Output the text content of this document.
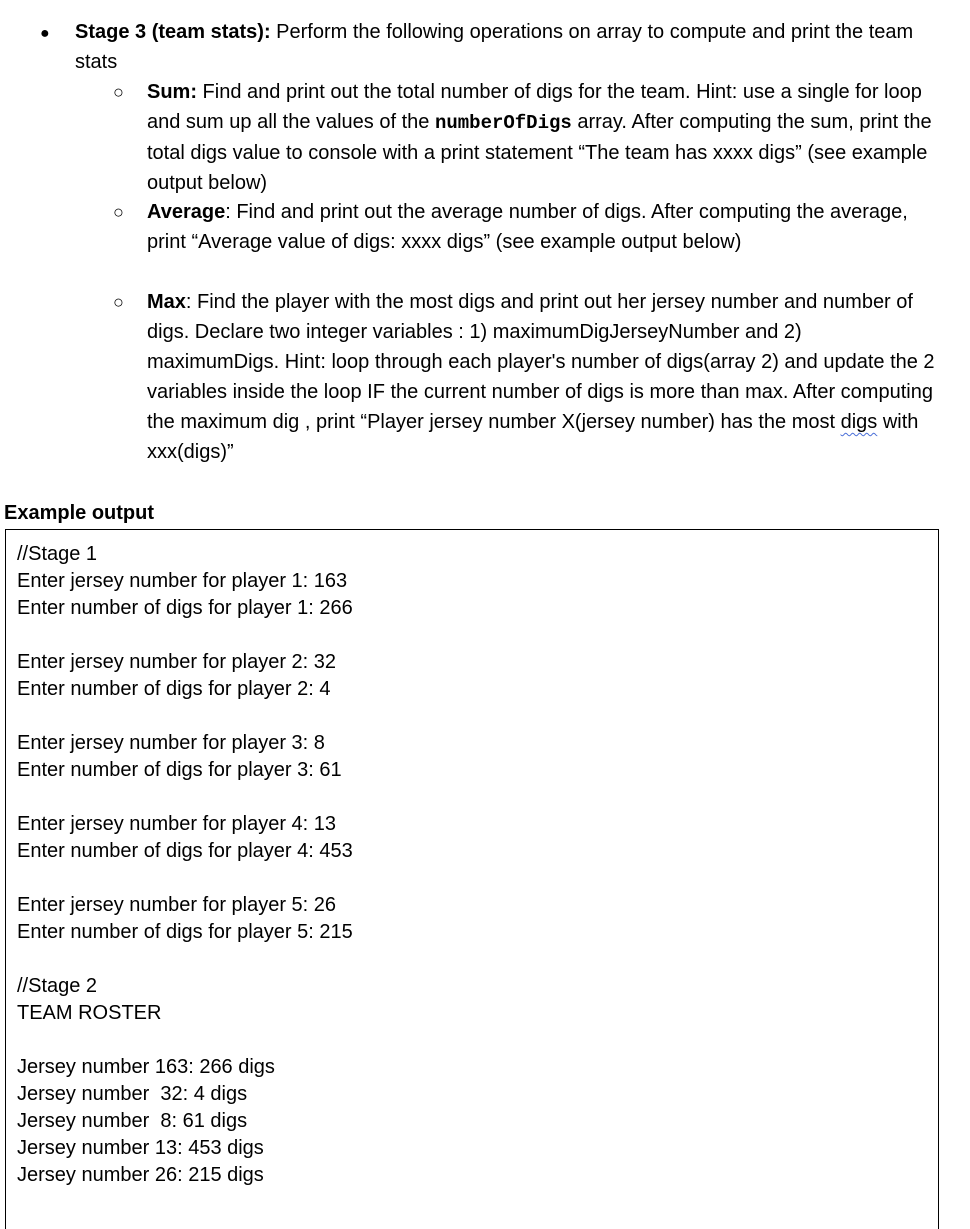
● Stage 3 (team stats): Perform the following operations on array to compute and print the team stats
○ Sum: Find and print out the total number of digs for the team. Hint: use a single for loop and sum up all the values of the numberOfDigs array. After computing the sum, print the total digs value to console with a print statement “The team has xxxx digs” (see example output below)
○ Average: Find and print out the average number of digs. After computing the average, print “Average value of digs: xxxx digs” (see example output below)
○ Max: Find the player with the most digs and print out her jersey number and number of digs. Declare two integer variables : 1) maximumDigJerseyNumber and 2) maximumDigs. Hint: loop through each player's number of digs(array 2) and update the 2 variables inside the loop IF the current number of digs is more than max. After computing the maximum dig , print “Player jersey number X(jersey number) has the most digs with xxx(digs)”
Example output
//Stage 1
Enter jersey number for player 1: 163
Enter number of digs for player 1: 266
Enter jersey number for player 2: 32
Enter number of digs for player 2: 4
Enter jersey number for player 3: 8
Enter number of digs for player 3: 61
Enter jersey number for player 4: 13
Enter number of digs for player 4: 453
Enter jersey number for player 5: 26
Enter number of digs for player 5: 215
//Stage 2
TEAM ROSTER
Jersey number 163: 266 digs
Jersey number  32: 4 digs
Jersey number  8: 61 digs
Jersey number 13: 453 digs
Jersey number 26: 215 digs
